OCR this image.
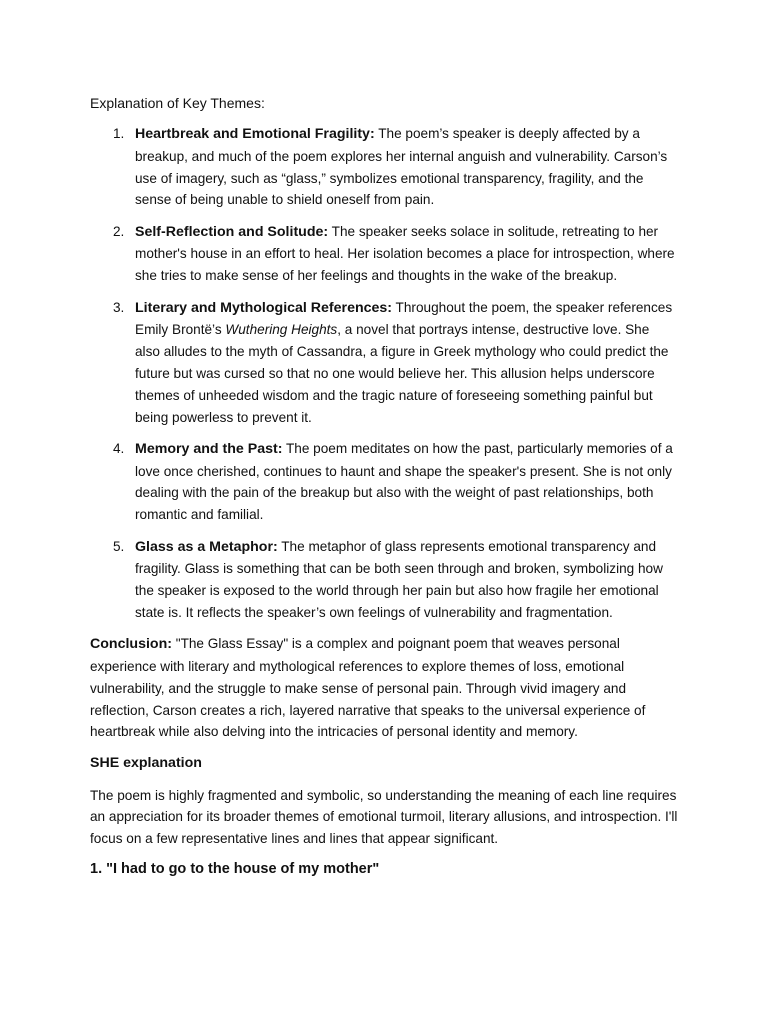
Explanation of Key Themes:
1. Heartbreak and Emotional Fragility: The poem’s speaker is deeply affected by a breakup, and much of the poem explores her internal anguish and vulnerability. Carson’s use of imagery, such as “glass,” symbolizes emotional transparency, fragility, and the sense of being unable to shield oneself from pain.
2. Self-Reflection and Solitude: The speaker seeks solace in solitude, retreating to her mother's house in an effort to heal. Her isolation becomes a place for introspection, where she tries to make sense of her feelings and thoughts in the wake of the breakup.
3. Literary and Mythological References: Throughout the poem, the speaker references Emily Brontë’s Wuthering Heights, a novel that portrays intense, destructive love. She also alludes to the myth of Cassandra, a figure in Greek mythology who could predict the future but was cursed so that no one would believe her. This allusion helps underscore themes of unheeded wisdom and the tragic nature of foreseeing something painful but being powerless to prevent it.
4. Memory and the Past: The poem meditates on how the past, particularly memories of a love once cherished, continues to haunt and shape the speaker's present. She is not only dealing with the pain of the breakup but also with the weight of past relationships, both romantic and familial.
5. Glass as a Metaphor: The metaphor of glass represents emotional transparency and fragility. Glass is something that can be both seen through and broken, symbolizing how the speaker is exposed to the world through her pain but also how fragile her emotional state is. It reflects the speaker’s own feelings of vulnerability and fragmentation.

Conclusion: "The Glass Essay" is a complex and poignant poem that weaves personal experience with literary and mythological references to explore themes of loss, emotional vulnerability, and the struggle to make sense of personal pain. Through vivid imagery and reflection, Carson creates a rich, layered narrative that speaks to the universal experience of heartbreak while also delving into the intricacies of personal identity and memory.

SHE explanation

The poem is highly fragmented and symbolic, so understanding the meaning of each line requires an appreciation for its broader themes of emotional turmoil, literary allusions, and introspection. I'll focus on a few representative lines and lines that appear significant.

1. "I had to go to the house of my mother"
